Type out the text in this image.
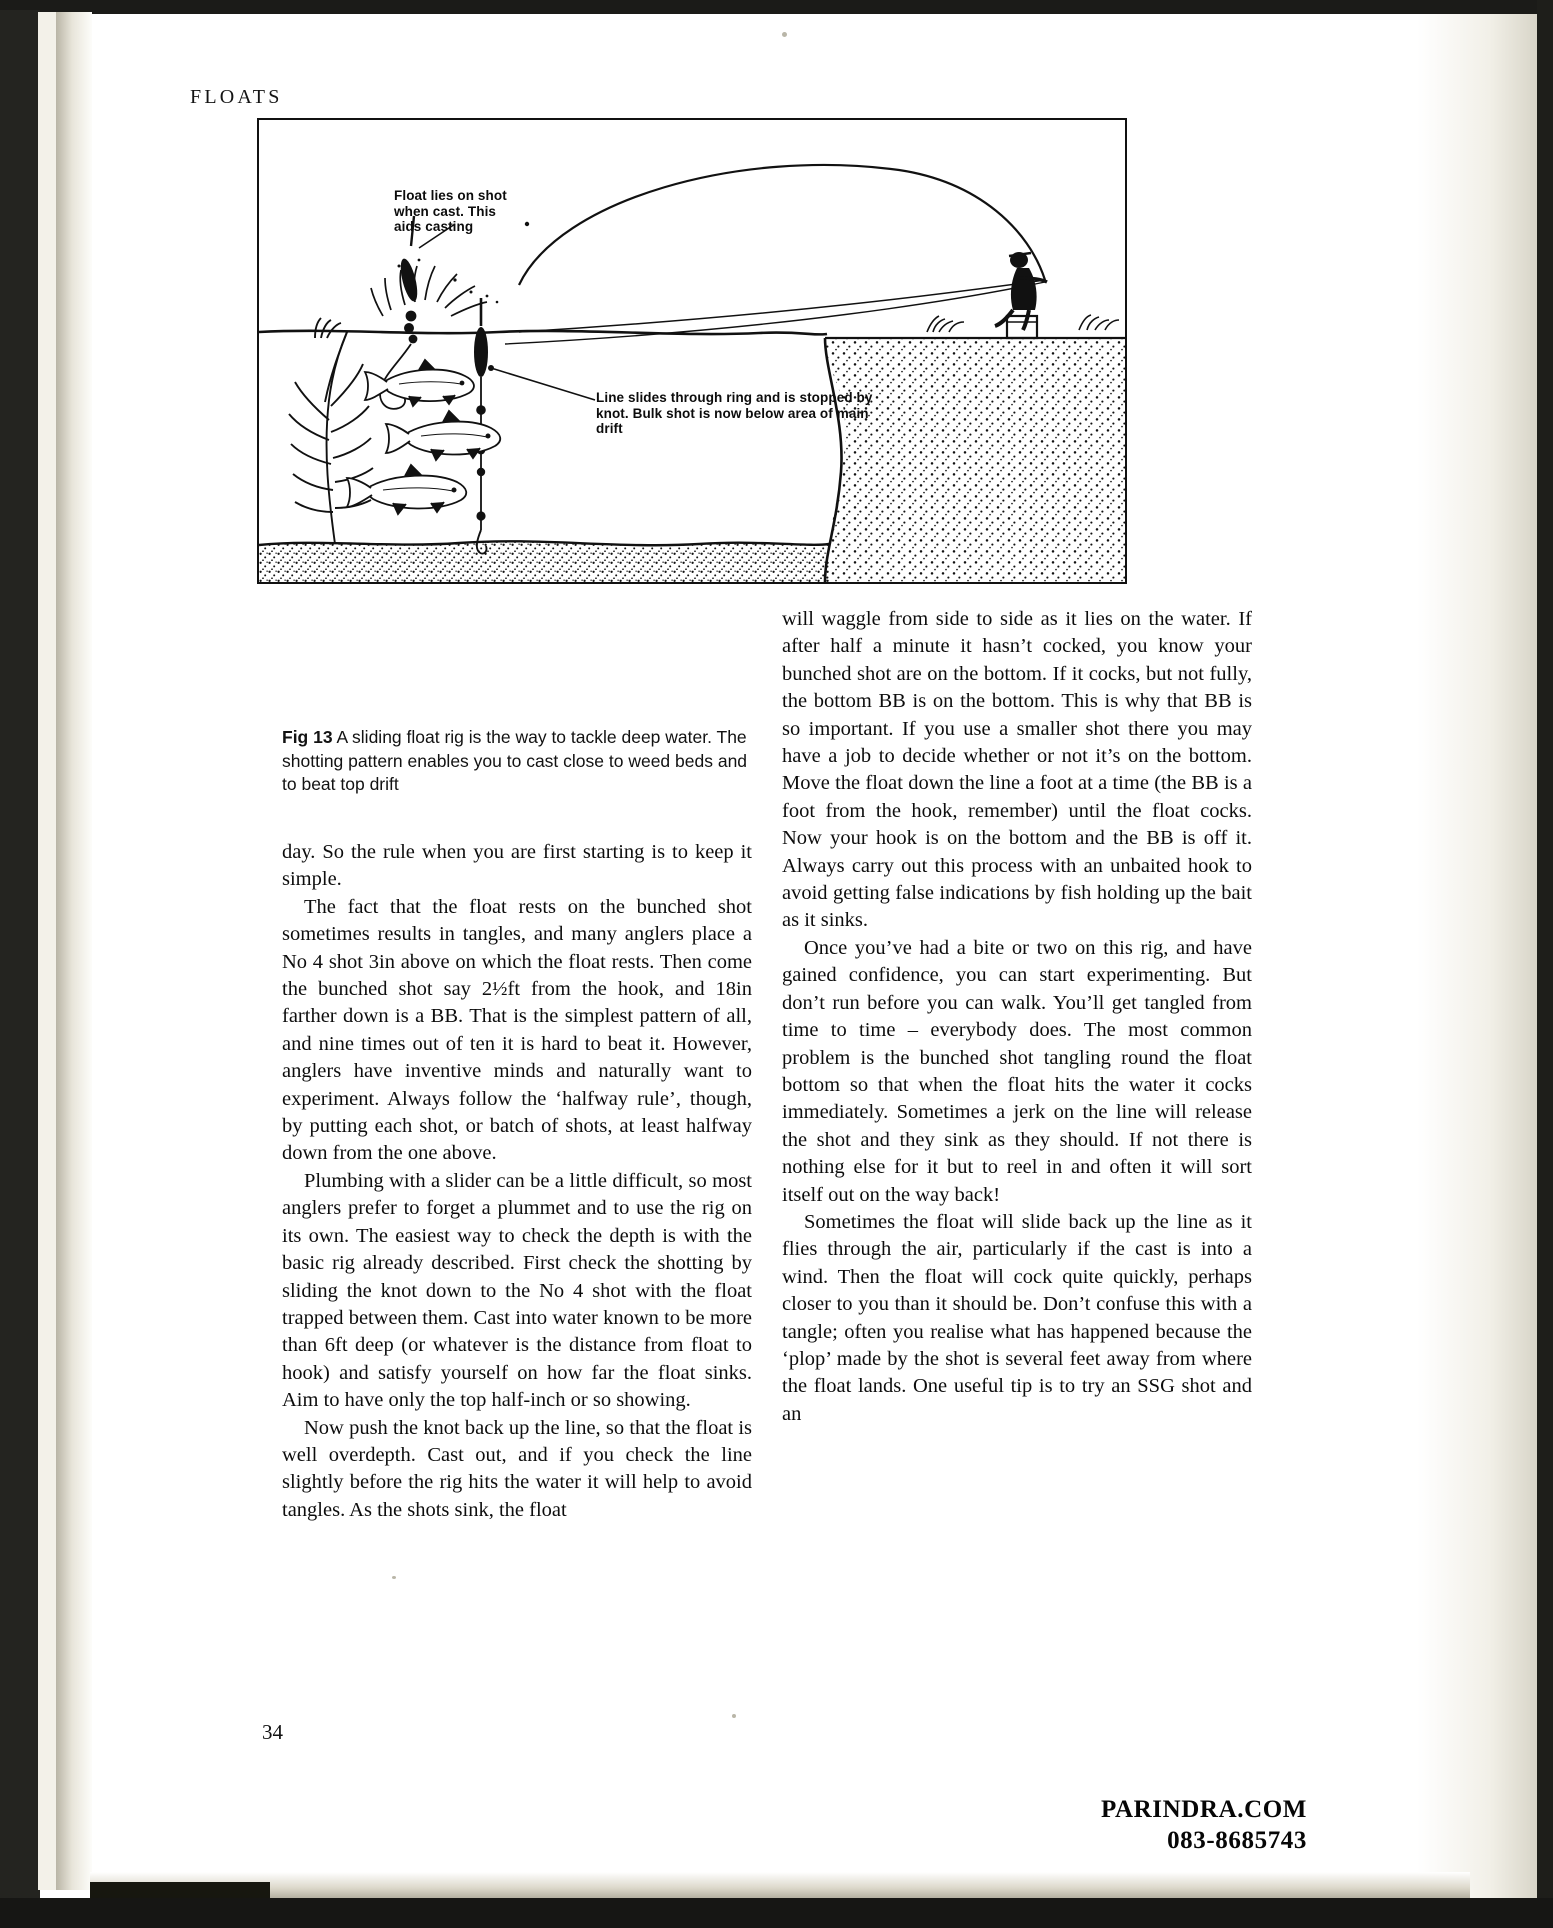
FLOATS
Float lies on shot
when cast. This
aids casting
Line slides through ring and is stopped by
knot. Bulk shot is now below area of main
drift
Fig 13 A sliding float rig is the way to tackle deep water. The shotting pattern enables you to cast close to weed beds and to beat top drift

day. So the rule when you are first starting is to keep it simple.

The fact that the float rests on the bunched shot sometimes results in tangles, and many anglers place a No 4 shot 3in above on which the float rests. Then come the bunched shot say 2½ft from the hook, and 18in farther down is a BB. That is the simplest pattern of all, and nine times out of ten it is hard to beat it. However, anglers have inventive minds and naturally want to experiment. Always follow the ‘halfway rule’, though, by putting each shot, or batch of shots, at least halfway down from the one above.

Plumbing with a slider can be a little difficult, so most anglers prefer to forget a plummet and to use the rig on its own. The easiest way to check the depth is with the basic rig already described. First check the shotting by sliding the knot down to the No 4 shot with the float trapped between them. Cast into water known to be more than 6ft deep (or whatever is the distance from float to hook) and satisfy yourself on how far the float sinks. Aim to have only the top half-inch or so showing.

Now push the knot back up the line, so that the float is well overdepth. Cast out, and if you check the line slightly before the rig hits the water it will help to avoid tangles. As the shots sink, the float

will waggle from side to side as it lies on the water. If after half a minute it hasn’t cocked, you know your bunched shot are on the bottom. If it cocks, but not fully, the bottom BB is on the bottom. This is why that BB is so important. If you use a smaller shot there you may have a job to decide whether or not it’s on the bottom. Move the float down the line a foot at a time (the BB is a foot from the hook, remember) until the float cocks. Now your hook is on the bottom and the BB is off it. Always carry out this process with an unbaited hook to avoid getting false indications by fish holding up the bait as it sinks.

Once you’ve had a bite or two on this rig, and have gained confidence, you can start experimenting. But don’t run before you can walk. You’ll get tangled from time to time – everybody does. The most common problem is the bunched shot tangling round the float bottom so that when the float hits the water it cocks immediately. Sometimes a jerk on the line will release the shot and they sink as they should. If not there is nothing else for it but to reel in and often it will sort itself out on the way back!

Sometimes the float will slide back up the line as it flies through the air, particularly if the cast is into a wind. Then the float will cock quite quickly, perhaps closer to you than it should be. Don’t confuse this with a tangle; often you realise what has happened because the ‘plop’ made by the shot is several feet away from where the float lands. One useful tip is to try an SSG shot and an

34
PARINDRA.COM
083-8685743
